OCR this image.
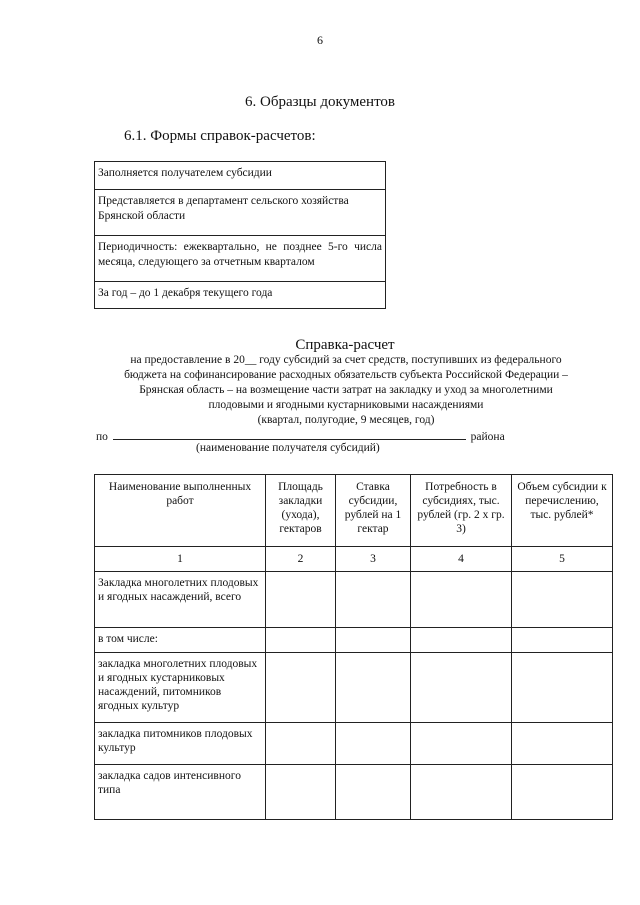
6
6. Образцы документов
6.1. Формы справок-расчетов:
Заполняется получателем субсидии
Представляется в департамент сельского хозяйства Брянской области
Периодичность: ежеквартально, не позднее 5-го числа месяца, следующего за отчетным кварталом
За год – до 1 декабря текущего года
Справка-расчет
на предоставление в 20__ году субсидий за счет средств, поступивших из федерального
бюджета на софинансирование расходных обязательств субъекта Российской Федерации –
Брянская область – на возмещение части затрат на закладку и уход за многолетними
плодовыми и ягодными кустарниковыми насаждениями
(квартал, полугодие, 9 месяцев, год)
по	района
(наименование получателя субсидий)
Наименование выполненных работ	Площадь закладки (ухода), гектаров	Ставка субсидии, рублей на 1 гектар	Потребность в субсидиях, тыс. рублей (гр. 2 х гр. 3)	Объем субсидии к перечислению, тыс. рублей*
1	2	3	4	5
Закладка многолетних плодовых и ягодных насаждений, всего				
в том числе:				
закладка многолетних плодовых и ягодных кустарниковых насаждений, питомников ягодных культур				
закладка питомников плодовых культур				
закладка садов интенсивного типа				
